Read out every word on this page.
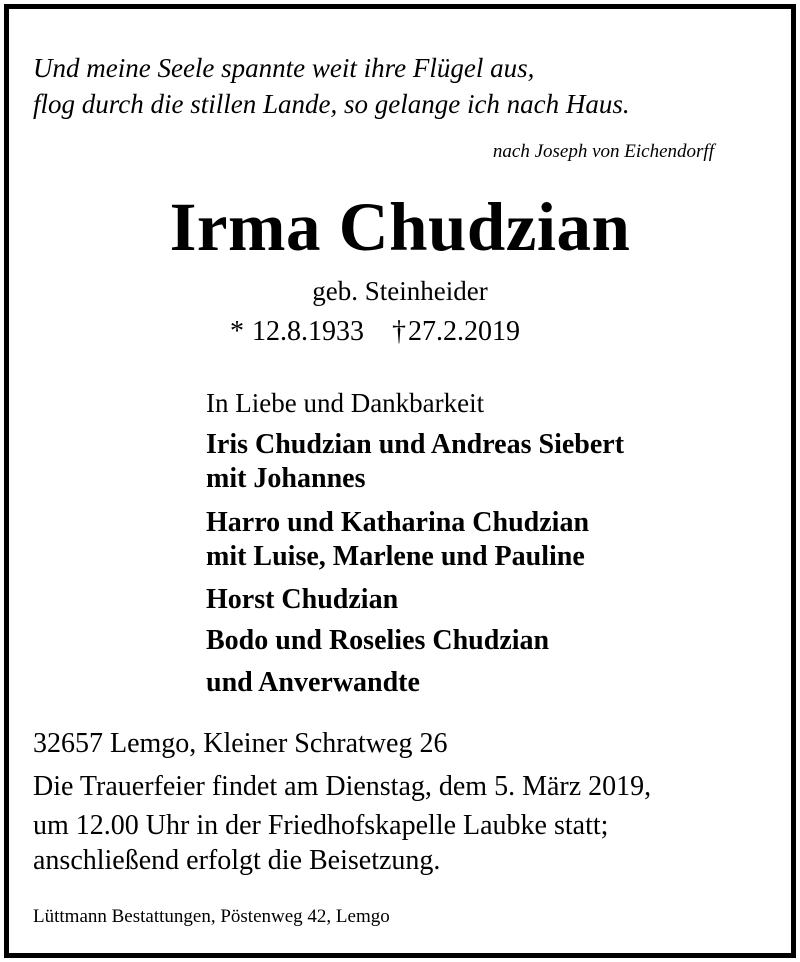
Und meine Seele spannte weit ihre Flügel aus,
flog durch die stillen Lande, so gelange ich nach Haus.
nach Joseph von Eichendorff
Irma Chudzian
geb. Steinheider
* 12.8.1933 †27.2.2019
In Liebe und Dankbarkeit
Iris Chudzian und Andreas Siebert
mit Johannes
Harro und Katharina Chudzian
mit Luise, Marlene und Pauline
Horst Chudzian
Bodo und Roselies Chudzian
und Anverwandte
32657 Lemgo, Kleiner Schratweg 26
Die Trauerfeier findet am Dienstag, dem 5. März 2019,
um 12.00 Uhr in der Friedhofskapelle Laubke statt;
anschließend erfolgt die Beisetzung.
Lüttmann Bestattungen, Pöstenweg 42, Lemgo
